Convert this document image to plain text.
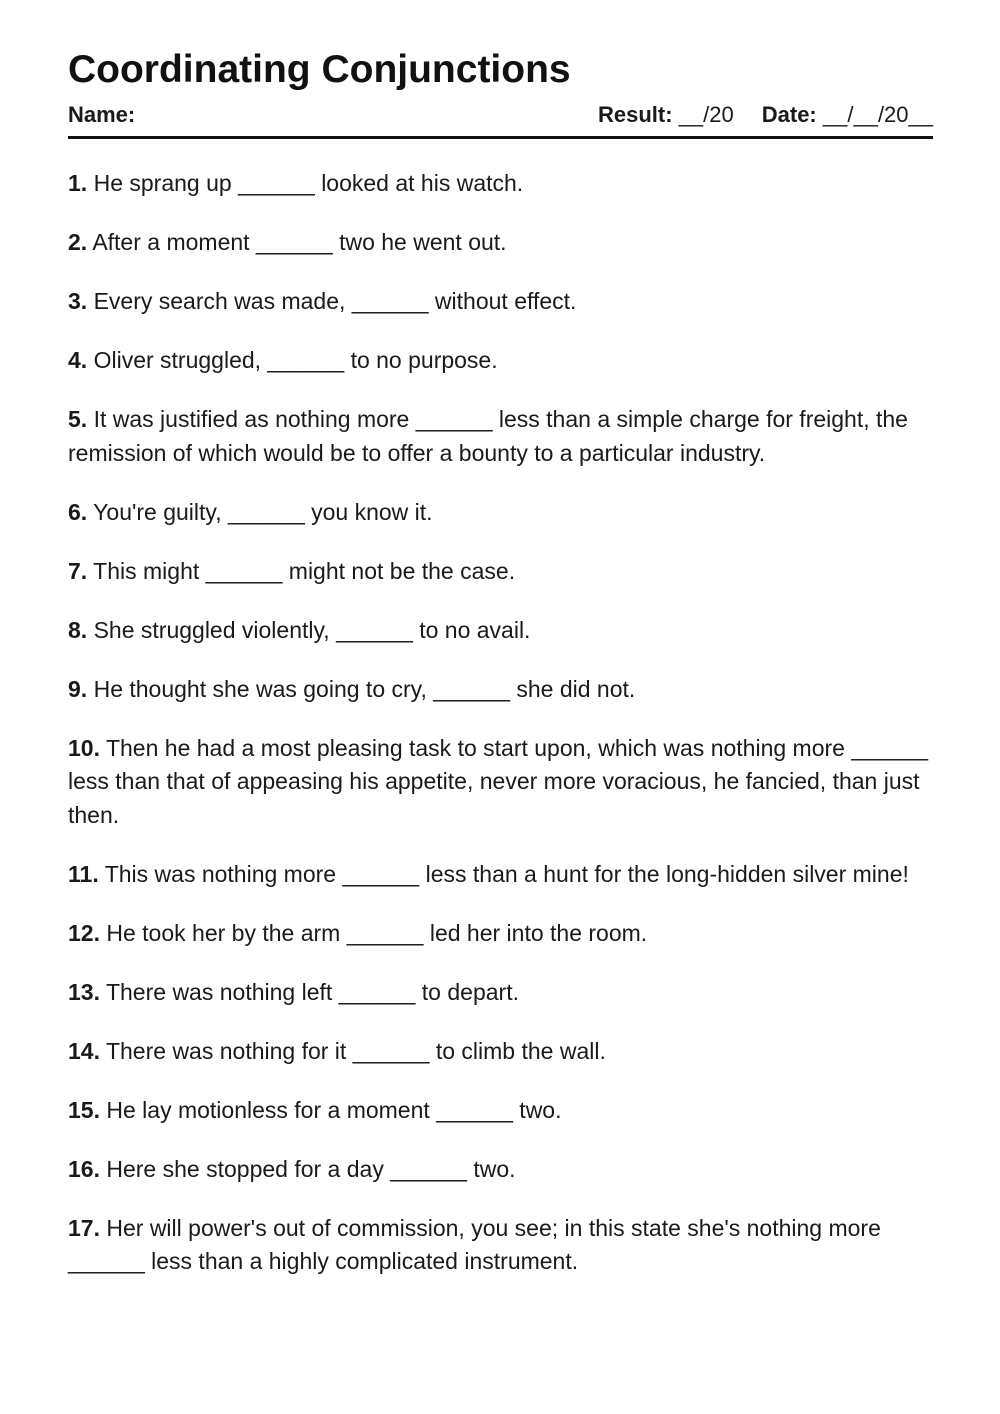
Coordinating Conjunctions
Name:	Result: __/20 Date: __/__/20__
1. He sprang up ______ looked at his watch.
2. After a moment ______ two he went out.
3. Every search was made, ______ without effect.
4. Oliver struggled, ______ to no purpose.
5. It was justified as nothing more ______ less than a simple charge for freight, the remission of which would be to offer a bounty to a particular industry.
6. You're guilty, ______ you know it.
7. This might ______ might not be the case.
8. She struggled violently, ______ to no avail.
9. He thought she was going to cry, ______ she did not.
10. Then he had a most pleasing task to start upon, which was nothing more ______ less than that of appeasing his appetite, never more voracious, he fancied, than just then.
11. This was nothing more ______ less than a hunt for the long-hidden silver mine!
12. He took her by the arm ______ led her into the room.
13. There was nothing left ______ to depart.
14. There was nothing for it ______ to climb the wall.
15. He lay motionless for a moment ______ two.
16. Here she stopped for a day ______ two.
17. Her will power's out of commission, you see; in this state she's nothing more ______ less than a highly complicated instrument.
